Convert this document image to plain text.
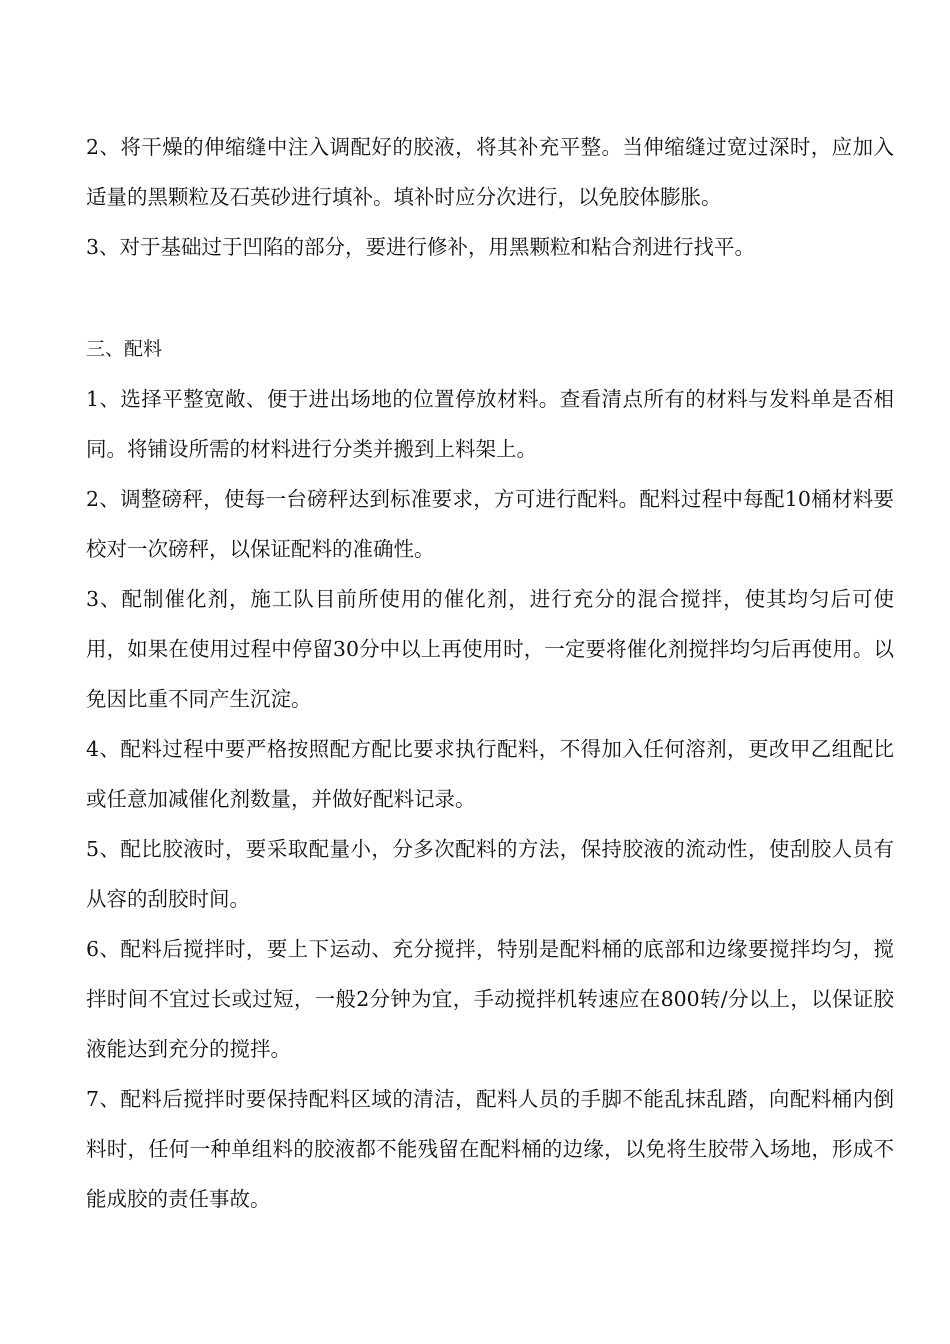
2、将干燥的伸缩缝中注入调配好的胶液，将其补充平整。当伸缩缝过宽过深时，应加入适量的黑颗粒及石英砂进行填补。填补时应分次进行，以免胶体膨胀。

3、对于基础过于凹陷的部分，要进行修补，用黑颗粒和粘合剂进行找平。

三、配料

1、选择平整宽敞、便于进出场地的位置停放材料。查看清点所有的材料与发料单是否相同。将铺设所需的材料进行分类并搬到上料架上。

2、调整磅秤，使每一台磅秤达到标准要求，方可进行配料。配料过程中每配10桶材料要校对一次磅秤，以保证配料的准确性。

3、配制催化剂，施工队目前所使用的催化剂，进行充分的混合搅拌，使其均匀后可使用，如果在使用过程中停留30分中以上再使用时，一定要将催化剂搅拌均匀后再使用。以免因比重不同产生沉淀。

4、配料过程中要严格按照配方配比要求执行配料，不得加入任何溶剂，更改甲乙组配比或任意加减催化剂数量，并做好配料记录。

5、配比胶液时，要采取配量小，分多次配料的方法，保持胶液的流动性，使刮胶人员有从容的刮胶时间。

6、配料后搅拌时，要上下运动、充分搅拌，特别是配料桶的底部和边缘要搅拌均匀，搅拌时间不宜过长或过短，一般2分钟为宜，手动搅拌机转速应在800转/分以上，以保证胶液能达到充分的搅拌。

7、配料后搅拌时要保持配料区域的清洁，配料人员的手脚不能乱抹乱踏，向配料桶内倒料时，任何一种单组料的胶液都不能残留在配料桶的边缘，以免将生胶带入场地，形成不能成胶的责任事故。
